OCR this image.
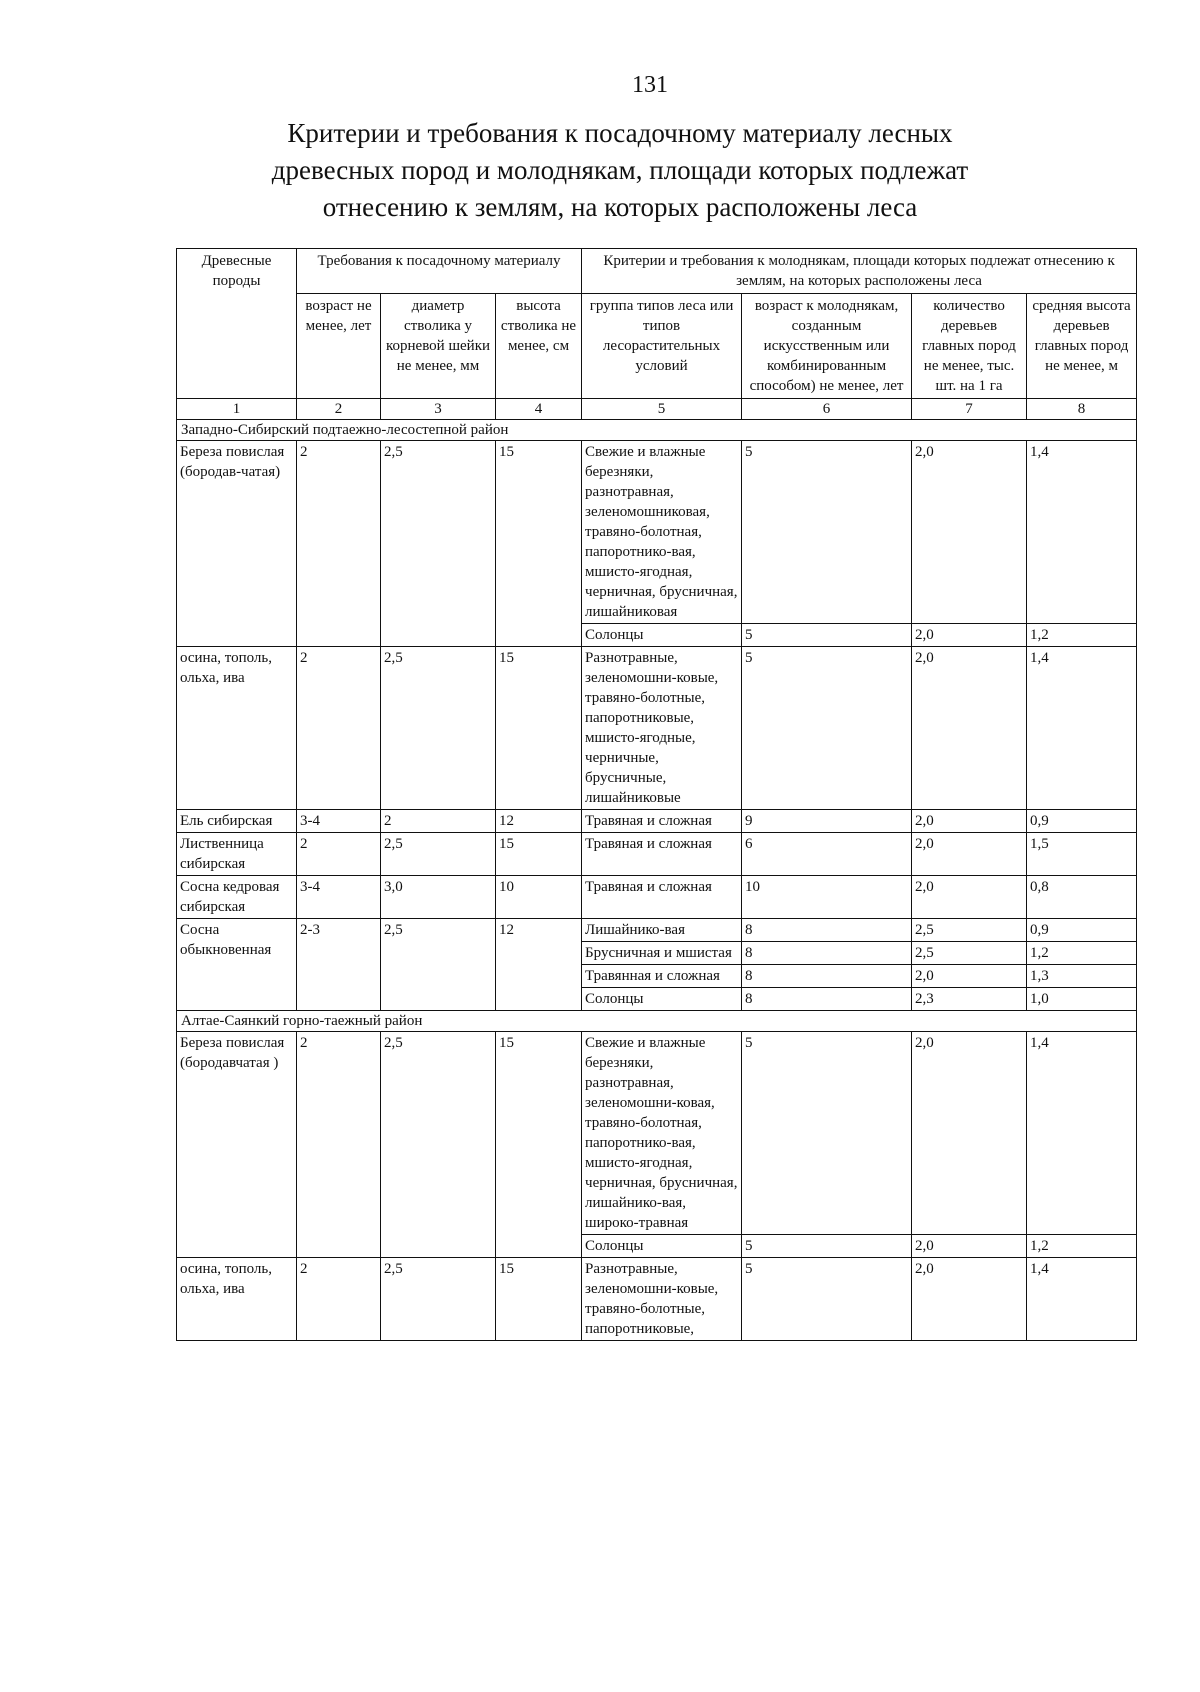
131
Критерии и требования к посадочному материалу лесных
древесных пород и молоднякам, площади которых подлежат
отнесению к землям, на которых расположены леса
Древесные породы	Требования к посадочному материалу			Критерии и требования к молоднякам, площади которых подлежат отнесению к землям, на которых расположены леса			
	возраст не менее, лет	диаметр стволика у корневой шейки не менее, мм	высота стволика не менее, см	группа типов леса или типов лесорастительных условий	возраст к молоднякам, созданным искусственным или комбинированным способом) не менее, лет	количество деревьев главных пород не менее, тыс. шт. на 1 га	средняя высота деревьев главных пород не менее, м
1	2	3	4	5	6	7	8
Западно-Сибирский подтаежно-лесостепной район							
Береза повислая (бородав-чатая)	2	2,5	15	Свежие и влажные березняки, разнотравная, зеленомошниковая, травяно-болотная, папоротнико-вая, мшисто-ягодная, черничная, брусничная, лишайниковая	5	2,0	1,4
				Солонцы	5	2,0	1,2
осина, тополь, ольха, ива	2	2,5	15	Разнотравные, зеленомошни-ковые, травяно-болотные, папоротниковые, мшисто-ягодные, черничные, брусничные, лишайниковые	5	2,0	1,4
Ель сибирская	3-4	2	12	Травяная и сложная	9	2,0	0,9
Лиственница сибирская	2	2,5	15	Травяная и сложная	6	2,0	1,5
Сосна кедровая сибирская	3-4	3,0	10	Травяная и сложная	10	2,0	0,8
Сосна обыкновенная	2-3	2,5	12	Лишайнико-вая	8	2,5	0,9
				Брусничная и мшистая	8	2,5	1,2
				Травянная и сложная	8	2,0	1,3
				Солонцы	8	2,3	1,0
Алтае-Саянкий горно-таежный район							
Береза повислая (бородавчатая )	2	2,5	15	Свежие и влажные березняки, разнотравная, зеленомошни-ковая, травяно-болотная, папоротнико-вая, мшисто-ягодная, черничная, брусничная, лишайнико-вая, широко-травная	5	2,0	1,4
				Солонцы	5	2,0	1,2
осина, тополь, ольха, ива	2	2,5	15	Разнотравные, зеленомошни-ковые, травяно-болотные, папоротниковые,	5	2,0	1,4
